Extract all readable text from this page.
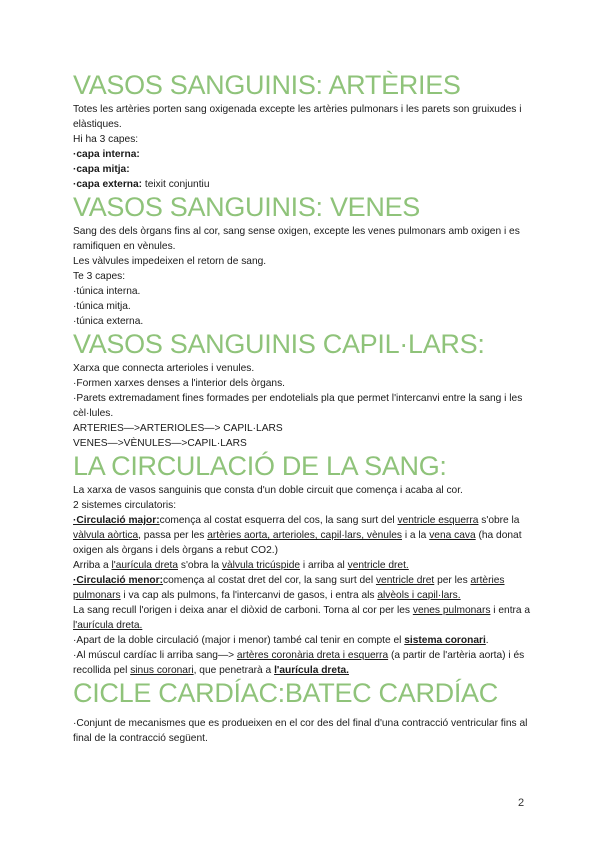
VASOS SANGUINIS: ARTÈRIES

Totes les artèries porten sang oxigenada excepte les artèries pulmonars i les parets son gruixudes i elàstiques.

Hi ha 3 capes:

·capa interna:

·capa mitja:

·capa externa: teixit conjuntiu

VASOS SANGUINIS: VENES

Sang des dels òrgans fins al cor, sang sense oxigen, excepte les venes pulmonars amb oxigen i es ramifiquen en vènules.

Les vàlvules impedeixen el retorn de sang.

Te 3 capes:

·túnica interna.

·túnica mitja.

·túnica externa.

VASOS SANGUINIS CAPIL·LARS:

Xarxa que connecta arterioles i venules.

·Formen xarxes denses a l'interior dels òrgans.

·Parets extremadament fines formades per endotelials pla que permet l'intercanvi entre la sang i les cèl·lules.

ARTERIES—>ARTERIOLES—> CAPIL·LARS

VENES—>VÈNULES—>CAPIL·LARS

LA CIRCULACIÓ DE LA SANG:

La xarxa de vasos sanguinis que consta d'un doble circuit que comença i acaba al cor.

2 sistemes circulatoris:

·Circulació major:comença al costat esquerra del cos, la sang surt del ventricle esquerra s'obre la vàlvula aòrtica, passa per les artèries aorta, arterioles, capil·lars, vènules i a la vena cava (ha donat oxigen als òrgans i dels òrgans a rebut CO2.)

Arriba a l'aurícula dreta s'obra la vàlvula tricúspide i arriba al ventricle dret.

·Circulació menor:comença al costat dret del cor, la sang surt del ventricle dret per les artèries pulmonars i va cap als pulmons, fa l'intercanvi de gasos, i entra als alvèols i capil·lars.

La sang recull l'origen i deixa anar el diòxid de carboni. Torna al cor per les venes pulmonars i entra a l'aurícula dreta.

·Apart de la doble circulació (major i menor) també cal tenir en compte el sistema coronari.

·Al múscul cardíac li arriba sang—> artères coronària dreta i esquerra (a partir de l'artèria aorta) i és recollida pel sinus coronari, que penetrarà a l'aurícula dreta.

CICLE CARDÍAC:BATEC CARDÍAC

·Conjunt de mecanismes que es produeixen en el cor des del final d'una contracció ventricular fins al final de la contracció següent.

2
